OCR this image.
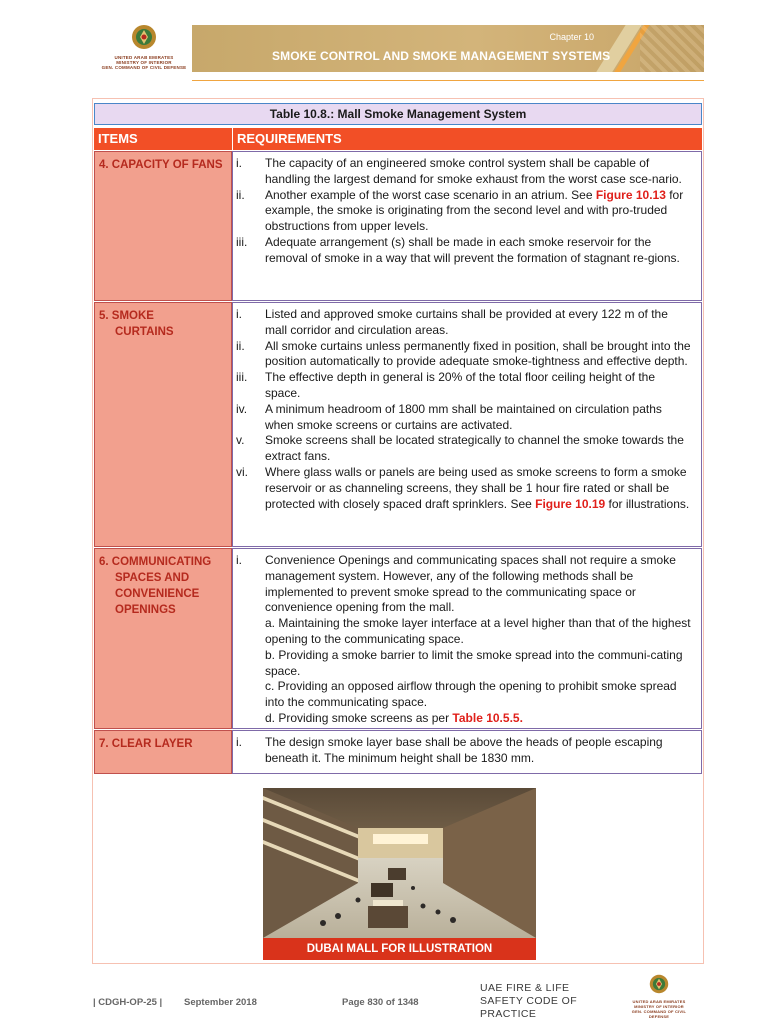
UNITED ARAB EMIRATES
MINISTRY OF INTERIOR
GEN. COMMAND OF CIVIL DEFENSE
Chapter 10
SMOKE CONTROL AND SMOKE MANAGEMENT SYSTEMS
Table 10.8.: Mall Smoke Management System
ITEMS	REQUIREMENTS
4. CAPACITY OF FANS	i.	The capacity of an engineered smoke control system shall be capable of handling the largest demand for smoke exhaust from the worst case sce-nario.
ii.	Another example of the worst case scenario in an atrium. See Figure 10.13 for example, the smoke is originating from the second level and with pro-truded obstructions from upper levels.
iii.	Adequate arrangement (s) shall be made in each smoke reservoir for the removal of smoke in a way that will prevent the formation of stagnant re-gions.
5. SMOKE
CURTAINS
i.	Listed and approved smoke curtains shall be provided at every 122 m of the mall corridor and circulation areas.
ii.	All smoke curtains unless permanently fixed in position, shall be brought into the position automatically to provide adequate smoke-tightness and effective depth.
iii.	The effective depth in general is 20% of the total floor ceiling height of the space.
iv.	A minimum headroom of 1800 mm shall be maintained on circulation paths when smoke screens or curtains are activated.
v.	Smoke screens shall be located strategically to channel the smoke towards the extract fans.
vi.	Where glass walls or panels are being used as smoke screens to form a smoke reservoir or as channeling screens, they shall be 1 hour fire rated or shall be protected with closely spaced draft sprinklers. See Figure 10.19 for illustrations.
6. COMMUNICATING
SPACES AND
CONVENIENCE
OPENINGS
i.	Convenience Openings and communicating spaces shall not require a smoke management system. However, any of the following methods shall be implemented to prevent smoke spread to the communicating space or convenience opening from the mall.
a. Maintaining the smoke layer interface at a level higher than that of the highest opening to the communicating space.
b. Providing a smoke barrier to limit the smoke spread into the communi-cating space.
c. Providing an opposed airflow through the opening to prohibit smoke spread into the communicating space.
d. Providing smoke screens as per Table 10.5.5.
7. CLEAR LAYER	i.	The design smoke layer base shall be above the heads of people escaping beneath it. The minimum height shall be 1830 mm.
DUBAI MALL FOR ILLUSTRATION
| CDGH-OP-25 | September 2018	Page 830 of 1348
UAE FIRE & LIFE
SAFETY CODE OF PRACTICE
UNITED ARAB EMIRATES
MINISTRY OF INTERIOR
GEN. COMMAND OF CIVIL DEFENSE
